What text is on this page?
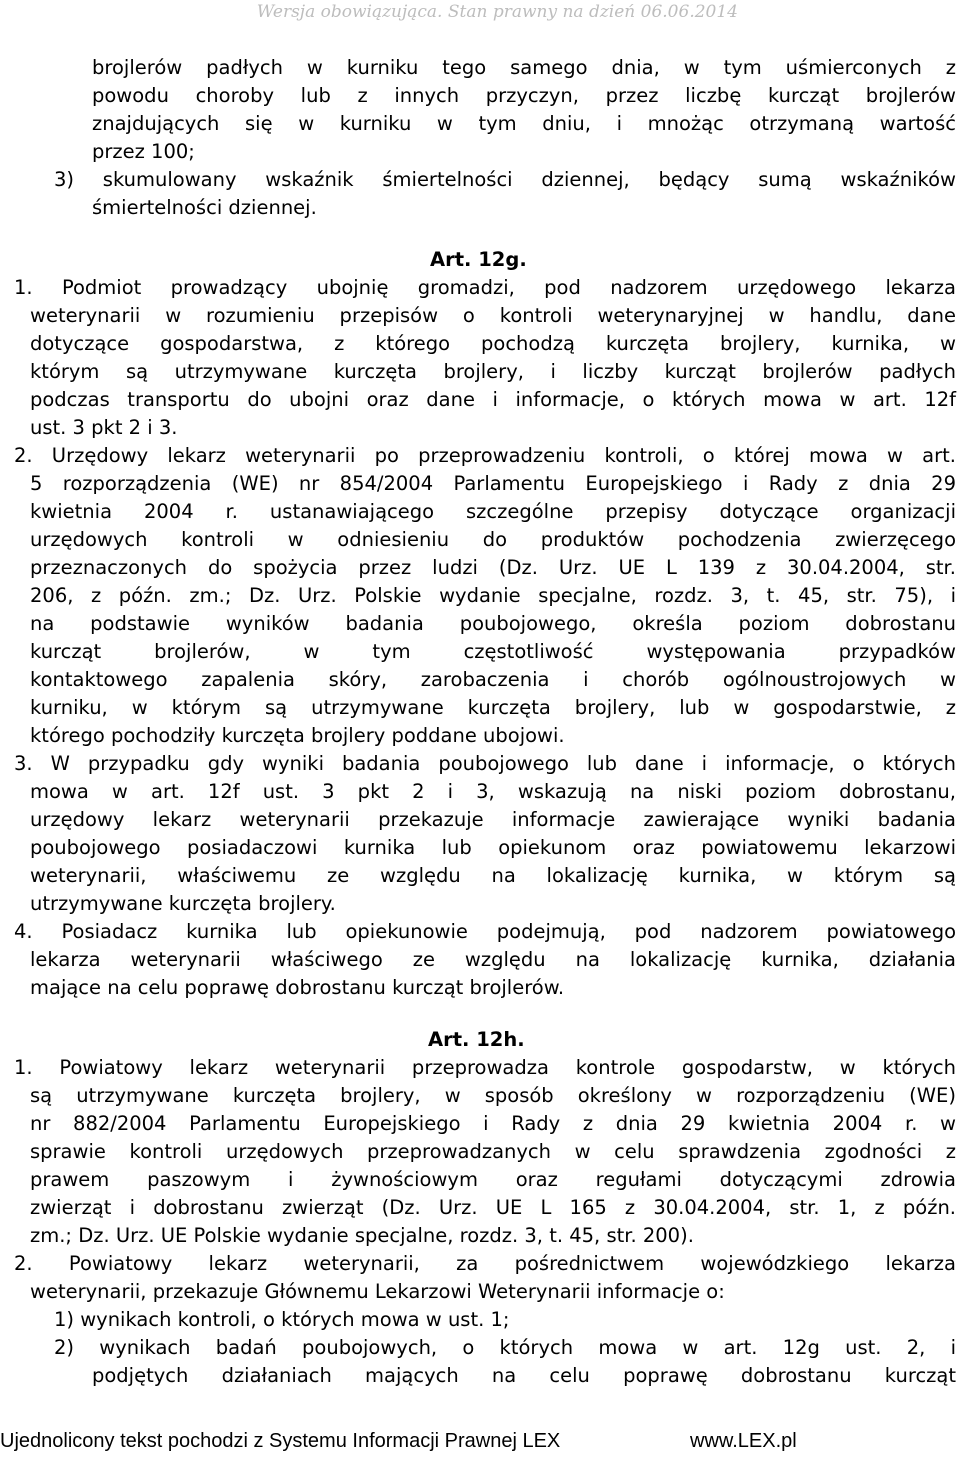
Wersja obowiązująca. Stan prawny na dzień 06.06.2014
brojlerów padłych w kurniku tego samego dnia, w tym uśmierconych z
powodu choroby lub z innych przyczyn, przez liczbę kurcząt brojlerów
znajdujących się w kurniku w tym dniu, i mnożąc otrzymaną wartość
przez 100;
3) skumulowany wskaźnik śmiertelności dziennej, będący sumą wskaźników
śmiertelności dziennej.
Art. 12g.
1. Podmiot prowadzący ubojnię gromadzi, pod nadzorem urzędowego lekarza
weterynarii w rozumieniu przepisów o kontroli weterynaryjnej w handlu, dane
dotyczące gospodarstwa, z którego pochodzą kurczęta brojlery, kurnika, w
którym są utrzymywane kurczęta brojlery, i liczby kurcząt brojlerów padłych
podczas transportu do ubojni oraz dane i informacje, o których mowa w art. 12f
ust. 3 pkt 2 i 3.
2. Urzędowy lekarz weterynarii po przeprowadzeniu kontroli, o której mowa w art.
5 rozporządzenia (WE) nr 854/2004 Parlamentu Europejskiego i Rady z dnia 29
kwietnia 2004 r. ustanawiającego szczególne przepisy dotyczące organizacji
urzędowych kontroli w odniesieniu do produktów pochodzenia zwierzęcego
przeznaczonych do spożycia przez ludzi (Dz. Urz. UE L 139 z 30.04.2004, str.
206, z późn. zm.; Dz. Urz. Polskie wydanie specjalne, rozdz. 3, t. 45, str. 75), i
na podstawie wyników badania poubojowego, określa poziom dobrostanu
kurcząt brojlerów, w tym częstotliwość występowania przypadków
kontaktowego zapalenia skóry, zarobaczenia i chorób ogólnoustrojowych w
kurniku, w którym są utrzymywane kurczęta brojlery, lub w gospodarstwie, z
którego pochodziły kurczęta brojlery poddane ubojowi.
3. W przypadku gdy wyniki badania poubojowego lub dane i informacje, o których
mowa w art. 12f ust. 3 pkt 2 i 3, wskazują na niski poziom dobrostanu,
urzędowy lekarz weterynarii przekazuje informacje zawierające wyniki badania
poubojowego posiadaczowi kurnika lub opiekunom oraz powiatowemu lekarzowi
weterynarii, właściwemu ze względu na lokalizację kurnika, w którym są
utrzymywane kurczęta brojlery.
4. Posiadacz kurnika lub opiekunowie podejmują, pod nadzorem powiatowego
lekarza weterynarii właściwego ze względu na lokalizację kurnika, działania
mające na celu poprawę dobrostanu kurcząt brojlerów.
Art. 12h.
1. Powiatowy lekarz weterynarii przeprowadza kontrole gospodarstw, w których
są utrzymywane kurczęta brojlery, w sposób określony w rozporządzeniu (WE)
nr 882/2004 Parlamentu Europejskiego i Rady z dnia 29 kwietnia 2004 r. w
sprawie kontroli urzędowych przeprowadzanych w celu sprawdzenia zgodności z
prawem paszowym i żywnościowym oraz regułami dotyczącymi zdrowia
zwierząt i dobrostanu zwierząt (Dz. Urz. UE L 165 z 30.04.2004, str. 1, z późn.
zm.; Dz. Urz. UE Polskie wydanie specjalne, rozdz. 3, t. 45, str. 200).
2. Powiatowy lekarz weterynarii, za pośrednictwem wojewódzkiego lekarza
weterynarii, przekazuje Głównemu Lekarzowi Weterynarii informacje o:
1) wynikach kontroli, o których mowa w ust. 1;
2) wynikach badań poubojowych, o których mowa w art. 12g ust. 2, i
podjętych działaniach mających na celu poprawę dobrostanu kurcząt
Ujednolicony tekst pochodzi z Systemu Informacji Prawnej LEX	www.LEX.pl
